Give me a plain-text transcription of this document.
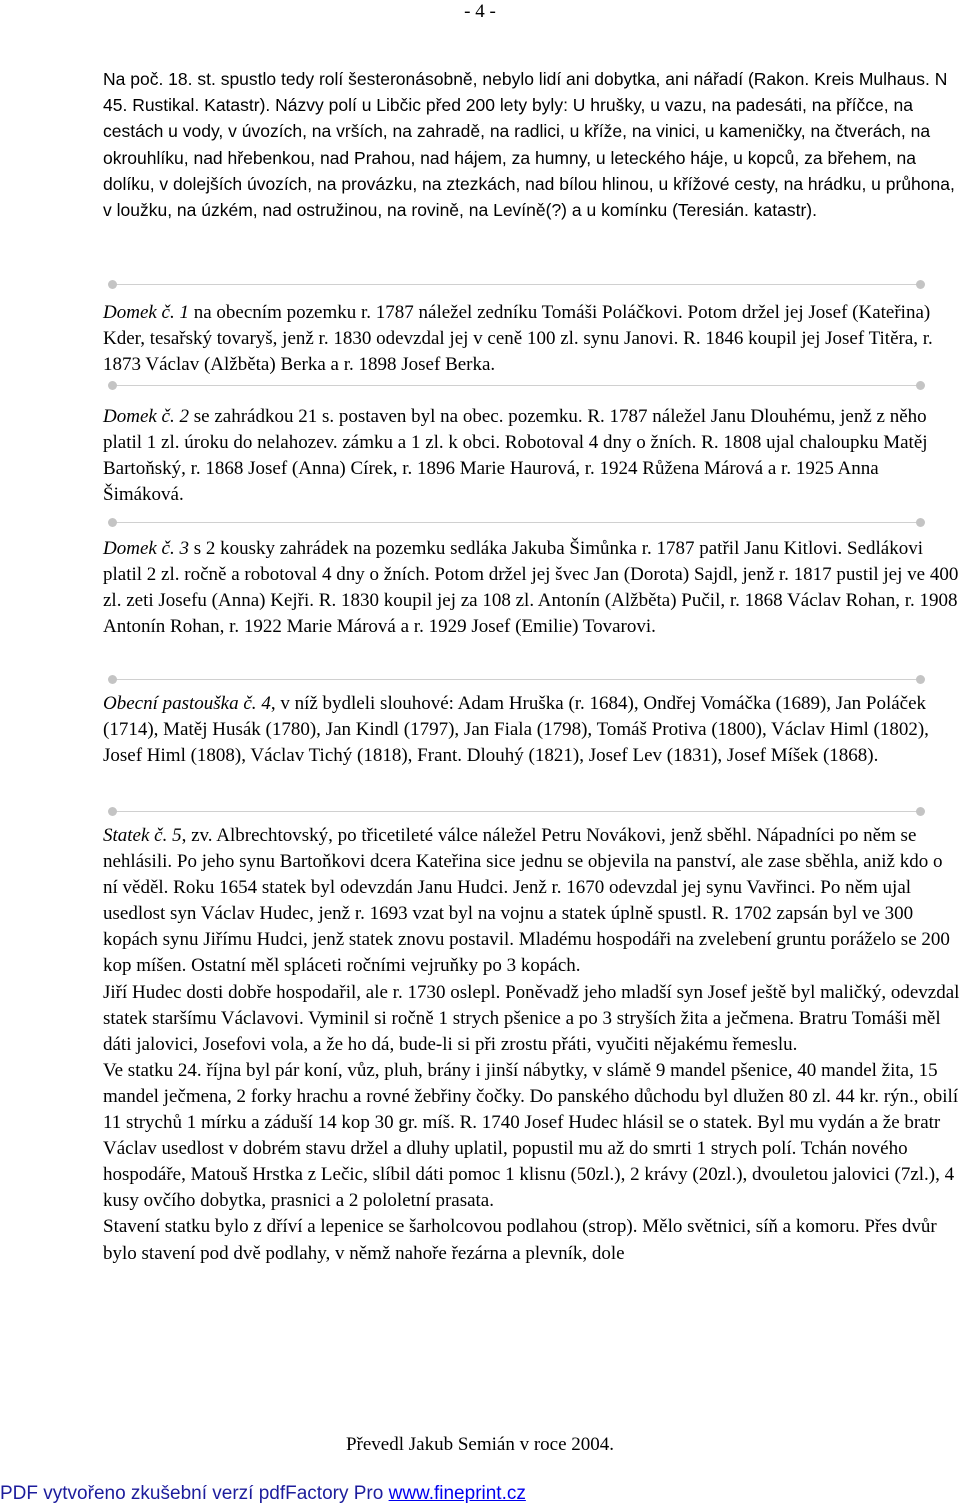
- 4 -
Na poč. 18. st. spustlo tedy rolí šesteronásobně, nebylo lidí ani dobytka, ani nářadí (Rakon. Kreis Mulhaus. N 45. Rustikal. Katastr). Názvy polí u Libčic před 200 lety byly: U hrušky, u vazu, na padesáti, na příčce, na cestách u vody, v úvozích, na vrších, na zahradě, na radlici, u kříže, na vinici, u kameničky, na čtverách, na okrouhlíku, nad hřebenkou, nad Prahou, nad hájem, za humny, u leteckého háje, u kopců, za břehem, na dolíku, v dolejších úvozích, na provázku, na ztezkách, nad bílou hlinou, u křížové cesty, na hrádku, u průhona, v loužku, na úzkém, nad ostružinou, na rovině, na Levíně(?) a u komínku (Teresián. katastr).

Domek č. 1 na obecním pozemku r. 1787 náležel zedníku Tomáši Poláčkovi. Potom držel jej Josef (Kateřina) Kder, tesařský tovaryš, jenž r. 1830 odevzdal jej v ceně 100 zl. synu Janovi. R. 1846 koupil jej Josef Titěra, r. 1873 Václav (Alžběta) Berka a r. 1898 Josef Berka.

Domek č. 2 se zahrádkou 21 s. postaven byl na obec. pozemku. R. 1787 náležel Janu Dlouhému, jenž z něho platil 1 zl. úroku do nelahozev. zámku a 1 zl. k obci. Robotoval 4 dny o žních. R. 1808 ujal chaloupku Matěj Bartoňský, r. 1868 Josef (Anna) Círek, r. 1896 Marie Haurová, r. 1924 Růžena Márová a r. 1925 Anna Šimáková.

Domek č. 3 s 2 kousky zahrádek na pozemku sedláka Jakuba Šimůnka r. 1787 patřil Janu Kitlovi. Sedlákovi platil 2 zl. ročně a robotoval 4 dny o žních. Potom držel jej švec Jan (Dorota) Sajdl, jenž r. 1817 pustil jej ve 400 zl. zeti Josefu (Anna) Kejři. R. 1830 koupil jej za 108 zl. Antonín (Alžběta) Pučil, r. 1868 Václav Rohan, r. 1908 Antonín Rohan, r. 1922 Marie Márová a r. 1929 Josef (Emilie) Tovarovi.

Obecní pastouška č. 4, v níž bydleli slouhové: Adam Hruška (r. 1684), Ondřej Vomáčka (1689), Jan Poláček (1714), Matěj Husák (1780), Jan Kindl (1797), Jan Fiala (1798), Tomáš Protiva (1800), Václav Himl (1802), Josef Himl (1808), Václav Tichý (1818), Frant. Dlouhý (1821), Josef Lev (1831), Josef Míšek (1868).

Statek č. 5, zv. Albrechtovský, po třicetileté válce náležel Petru Novákovi, jenž sběhl. Nápadníci po něm se nehlásili. Po jeho synu Bartoňkovi dcera Kateřina sice jednu se objevila na panství, ale zase sběhla, aniž kdo o ní věděl. Roku 1654 statek byl odevzdán Janu Hudci. Jenž r. 1670 odevzdal jej synu Vavřinci. Po něm ujal usedlost syn Václav Hudec, jenž r. 1693 vzat byl na vojnu a statek úplně spustl. R. 1702 zapsán byl ve 300 kopách synu Jiřímu Hudci, jenž statek znovu postavil. Mladému hospodáři na zvelebení gruntu poráželo se 200 kop míšen. Ostatní měl spláceti ročními vejruňky po 3 kopách.

Jiří Hudec dosti dobře hospodařil, ale r. 1730 oslepl. Poněvadž jeho mladší syn Josef ještě byl maličký, odevzdal statek staršímu Václavovi. Vyminil si ročně 1 strych pšenice a po 3 stryších žita a ječmena. Bratru Tomáši měl dáti jalovici, Josefovi vola, a že ho dá, bude-li si při zrostu přáti, vyučiti nějakému řemeslu.

Ve statku 24. října byl pár koní, vůz, pluh, brány i jinší nábytky, v slámě 9 mandel pšenice, 40 mandel žita, 15 mandel ječmena, 2 forky hrachu a rovné žebřiny čočky. Do panského důchodu byl dlužen 80 zl. 44 kr. rýn., obilí 11 strychů 1 mírku a záduší 14 kop 30 gr. míš. R. 1740 Josef Hudec hlásil se o statek. Byl mu vydán a že bratr Václav usedlost v dobrém stavu držel a dluhy uplatil, popustil mu až do smrti 1 strych polí. Tchán nového hospodáře, Matouš Hrstka z Lečic, slíbil dáti pomoc 1 klisnu (50zl.), 2 krávy (20zl.), dvouletou jalovici (7zl.), 4 kusy ovčího dobytka, prasnici a 2 pololetní prasata.

Stavení statku bylo z dříví a lepenice se šarholcovou podlahou (strop). Mělo světnici, síň a komoru. Přes dvůr bylo stavení pod dvě podlahy, v němž nahoře řezárna a plevník, dole

Převedl Jakub Semián v roce 2004.
PDF vytvořeno zkušební verzí pdfFactory Pro www.fineprint.cz
